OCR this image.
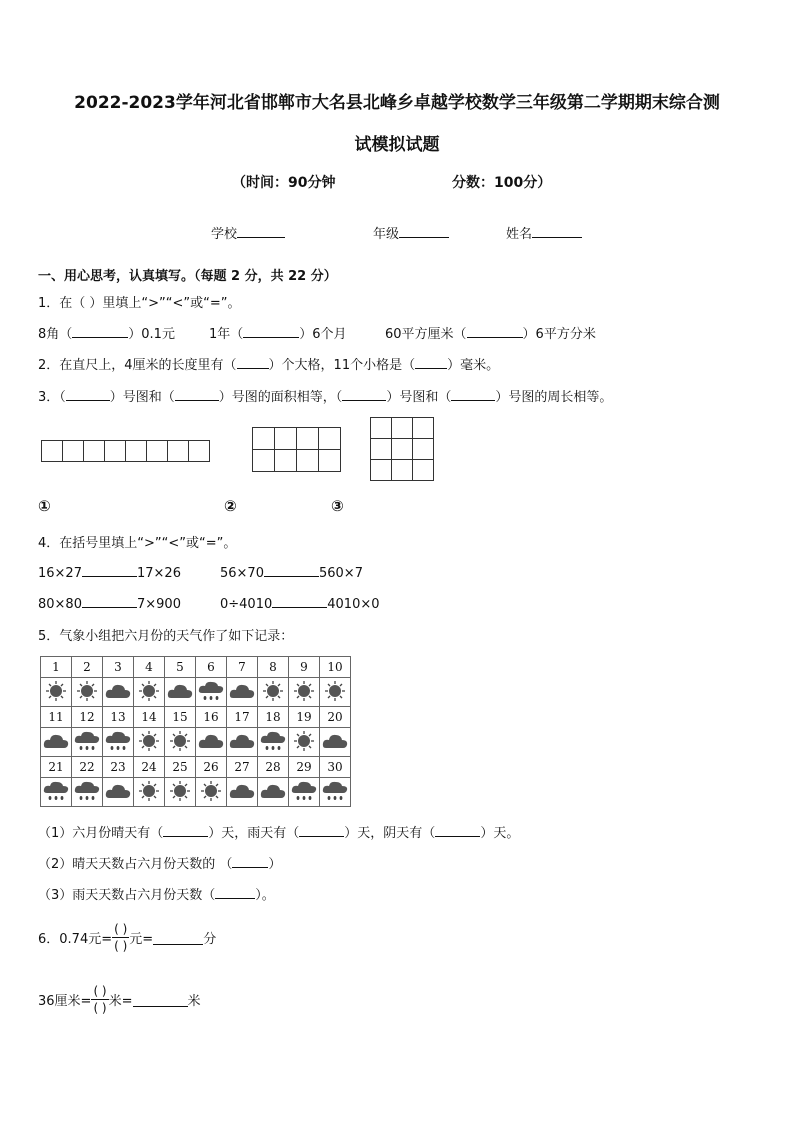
2022-2023学年河北省邯郸市大名县北峰乡卓越学校数学三年级第二学期期末综合测
试模拟试题
（时间：90分钟	分数：100分）
学校	年级	姓名
一、用心思考，认真填写。（每题 2 分，共 22 分）
1．在（ ）里填上“>”“<”或“=”。
8角（	）0.1元	1年（	）6个月	60平方厘米（	）6平方分米
2．在直尺上，4厘米的长度里有（ ）个大格，11个小格是（ ）毫米。
3．（	）号图和（	）号图的面积相等，（	）号图和（	）号图的周长相等。

①	②	③
4．在括号里填上“>”“<”或“=”。
16×27	17×26	56×70	560×7
80×80	7×900	0÷4010	4010×0
5．气象小组把六月份的天气作了如下记录：
1	2	3	4	5	6	7	8	9	10

11	12	13	14	15	16	17	18	19	20

21	22	23	24	25	26	27	28	29	30

（1）六月份晴天有（	）天，雨天有（	）天，阴天有（	）天。
（2）晴天天数占六月份天数的 （	）
（3）雨天天数占六月份天数（	）。
6．0.74元= $\frac{( )}{( )}$ 元=	分
36厘米= $\frac{( )}{( )}$ 米=	米
